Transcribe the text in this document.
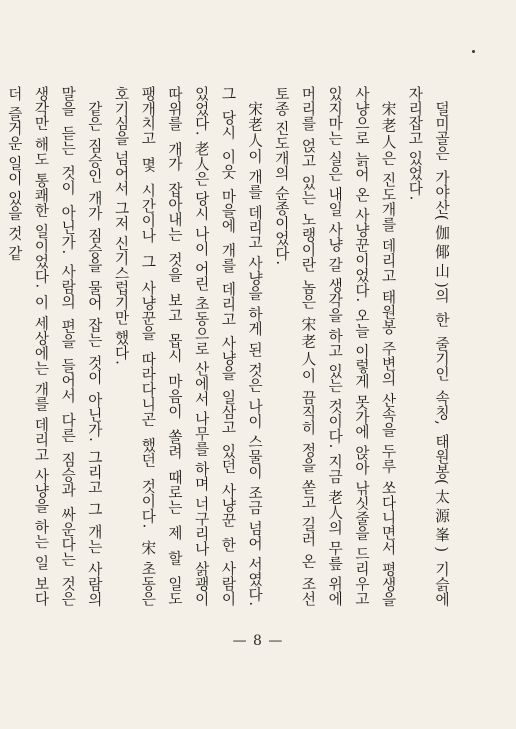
덜미골은 가야산(伽倻山)의 한 줄기인 속칭, 태원봉(太源峯) 기슭에 자리잡고 있었다.

宋老人은 진도개를 데리고 태원봉 주변의 산속을 두루 쏘다니면서 평생을 사냥으로 늙어 온 사냥꾼이었다. 오늘 이렇게 못가에 앉아 낚싯줄을 드리우고 있지마는 실은 내일 사냥 갈 생각을 하고 있는 것이다. 지금 老人의 무릎 위에 머리를 얹고 있는 노랭이란 놈은 宋老人이 끔직히 정을 쏟고 길러 온 조선 토종 진도개의 순종이었다.

宋老人이 개를 데리고 사냥을 하게 된 것은 나이 스물이 조금 넘어 서였다. 그 당시 이웃 마을에 개를 데리고 사냥을 일삼고 있던 사냥꾼 한 사람이 있었다. 老人은 당시 나이 어린 초동으로 산에서 나무를 하며 너구리나 삵괭이 따위를 개가 잡아내는 것을 보고 몹시 마음이 쏠려 때로는 제 할 일도 팽개치고 몇 시간이나 그 사냥꾼을 따라다니곤 했던 것이다. 宋초동은 호기심을 넘어서 그저 신기스럽기만 했다.

같은 짐승인 개가 짐승을 물어 잡는 것이 아닌가. 그리고 그 개는 사람의 말을 듣는 것이 아닌가. 사람의 편을 들어서 다른 짐승과 싸운다는 것은 생각만 해도 통쾌한 일이었다. 이 세상에는 개를 데리고 사냥을 하는 일 보다 더 즐거운 일이 있을 것 같

— 8 —
